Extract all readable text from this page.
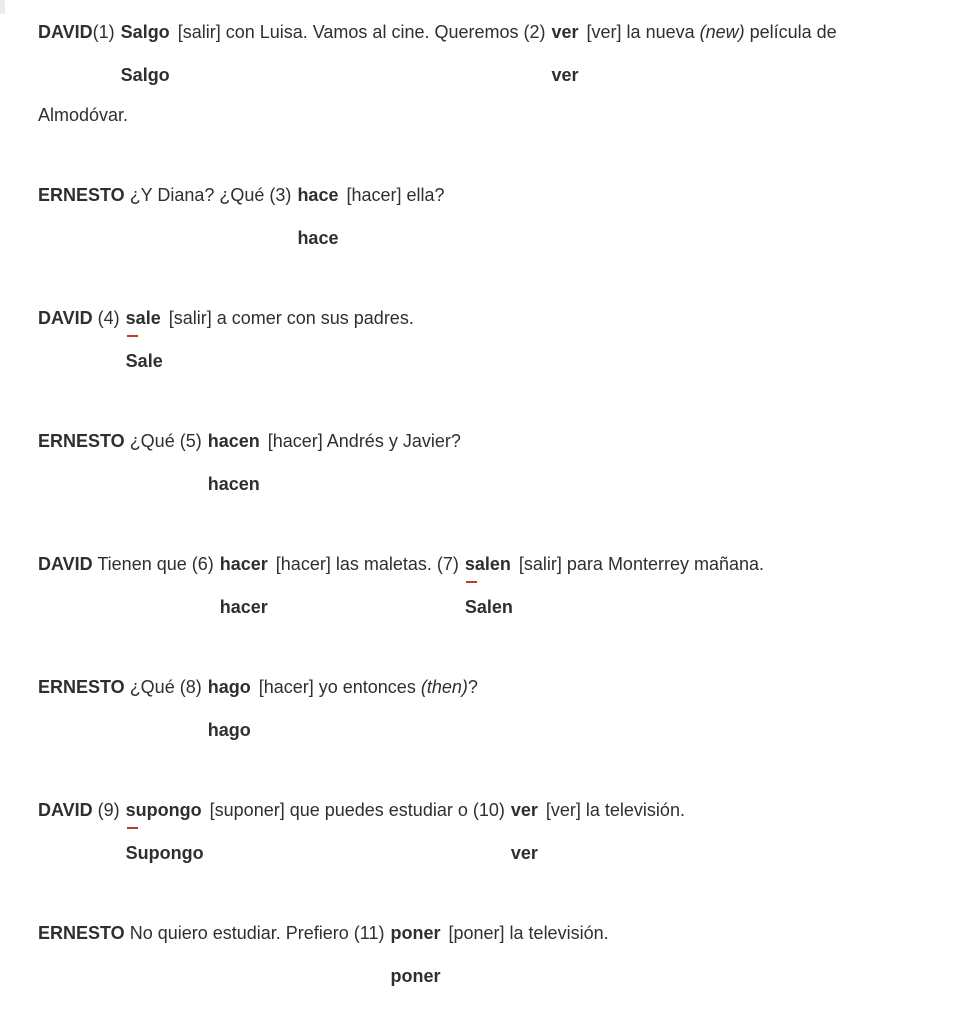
DAVID(1) Salgo [salir] con Luisa. Vamos al cine. Queremos (2) ver [ver] la nueva (new) película de

Salgo	ver

Almodóvar.

ERNESTO ¿Y Diana? ¿Qué (3) hace [hacer] ella?

hace

DAVID (4) sale [salir] a comer con sus padres.

Sale

ERNESTO ¿Qué (5) hacen [hacer] Andrés y Javier?

hacen

DAVID Tienen que (6) hacer [hacer] las maletas. (7) salen [salir] para Monterrey mañana.

hacer	Salen

ERNESTO ¿Qué (8) hago [hacer] yo entonces (then)?

hago

DAVID (9) supongo [suponer] que puedes estudiar o (10) ver [ver] la televisión.

Supongo	ver

ERNESTO No quiero estudiar. Prefiero (11) poner [poner] la televisión.

poner
